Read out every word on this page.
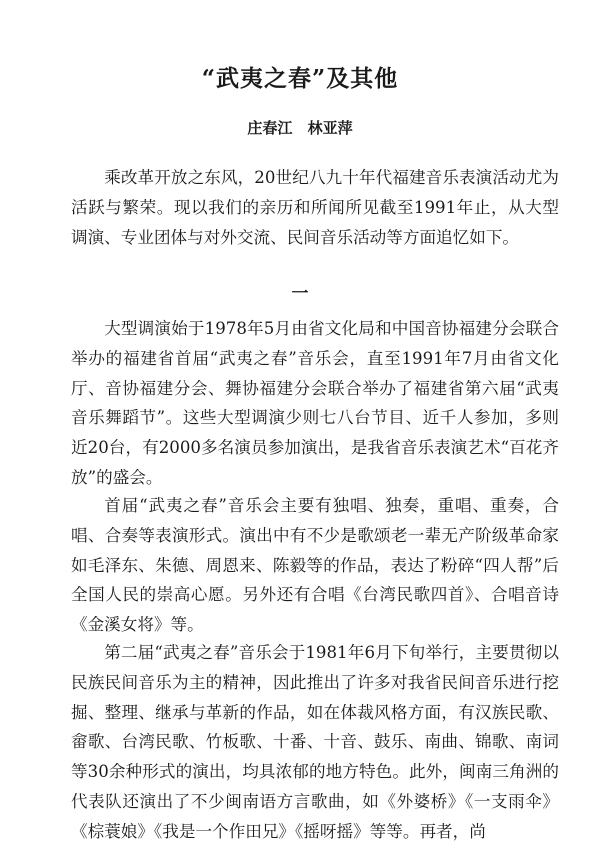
“武夷之春”及其他

庄春江 林亚萍

乘改革开放之东风，20世纪八九十年代福建音乐表演活动尤为活跃与繁荣。现以我们的亲历和所闻所见截至1991年止，从大型调演、专业团体与对外交流、民间音乐活动等方面追忆如下。

一

大型调演始于1978年5月由省文化局和中国音协福建分会联合举办的福建省首届“武夷之春”音乐会，直至1991年7月由省文化厅、音协福建分会、舞协福建分会联合举办了福建省第六届“武夷音乐舞蹈节”。这些大型调演少则七八台节目、近千人参加，多则近20台，有2000多名演员参加演出，是我省音乐表演艺术“百花齐放”的盛会。

首届“武夷之春”音乐会主要有独唱、独奏，重唱、重奏，合唱、合奏等表演形式。演出中有不少是歌颂老一辈无产阶级革命家如毛泽东、朱德、周恩来、陈毅等的作品，表达了粉碎“四人帮”后全国人民的崇高心愿。另外还有合唱《台湾民歌四首》、合唱音诗《金溪女将》等。

第二届“武夷之春”音乐会于1981年6月下旬举行，主要贯彻以民族民间音乐为主的精神，因此推出了许多对我省民间音乐进行挖掘、整理、继承与革新的作品，如在体裁风格方面，有汉族民歌、畲歌、台湾民歌、竹板歌、十番、十音、鼓乐、南曲、锦歌、南词等30余种形式的演出，均具浓郁的地方特色。此外，闽南三角洲的代表队还演出了不少闽南语方言歌曲，如《外婆桥》《一支雨伞》《棕蓑娘》《我是一个作田兄》《摇呀摇》等等。再者，尚
